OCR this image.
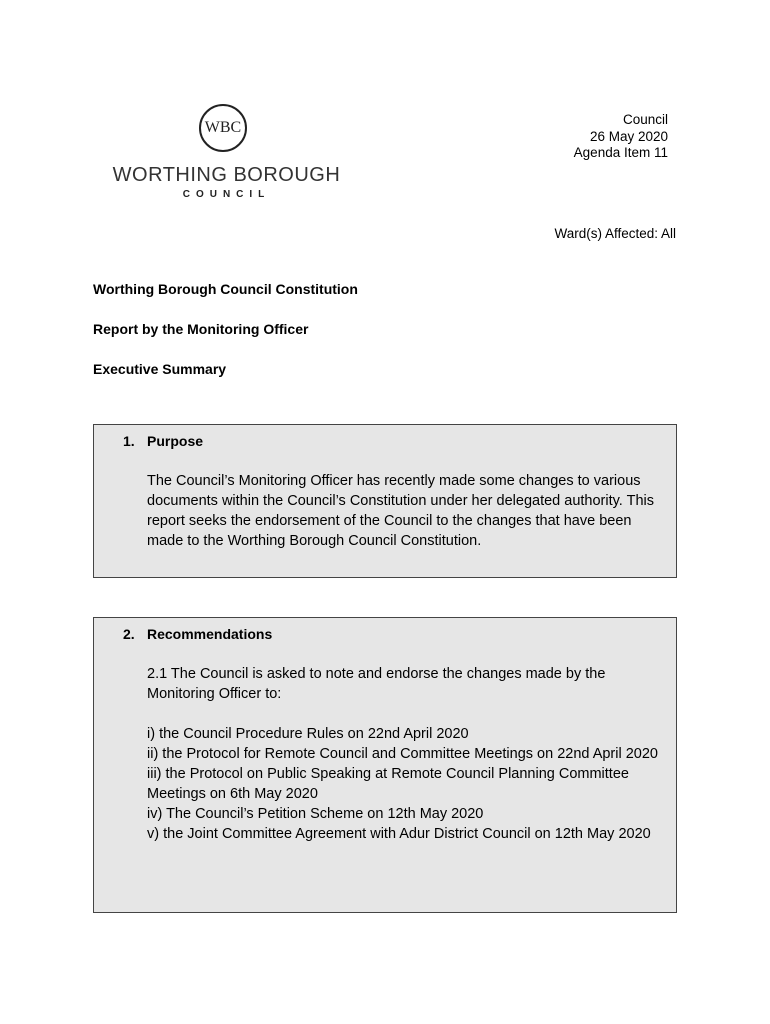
WBC
WORTHING BOROUGH
COUNCIL
Council
26 May 2020
Agenda Item 11
Ward(s) Affected: All
Worthing Borough Council Constitution
Report by the Monitoring Officer
Executive Summary
1. Purpose

The Council’s Monitoring Officer has recently made some changes to various documents within the Council’s Constitution under her delegated authority. This report seeks the endorsement of the Council to the changes that have been made to the Worthing Borough Council Constitution.

2. Recommendations

2.1 The Council is asked to note and endorse the changes made by the Monitoring Officer to:

i) the Council Procedure Rules on 22nd April 2020

ii) the Protocol for Remote Council and Committee Meetings on 22nd April 2020

iii) the Protocol on Public Speaking at Remote Council Planning Committee Meetings on 6th May 2020

iv) The Council’s Petition Scheme on 12th May 2020

v) the Joint Committee Agreement with Adur District Council on 12th May 2020
